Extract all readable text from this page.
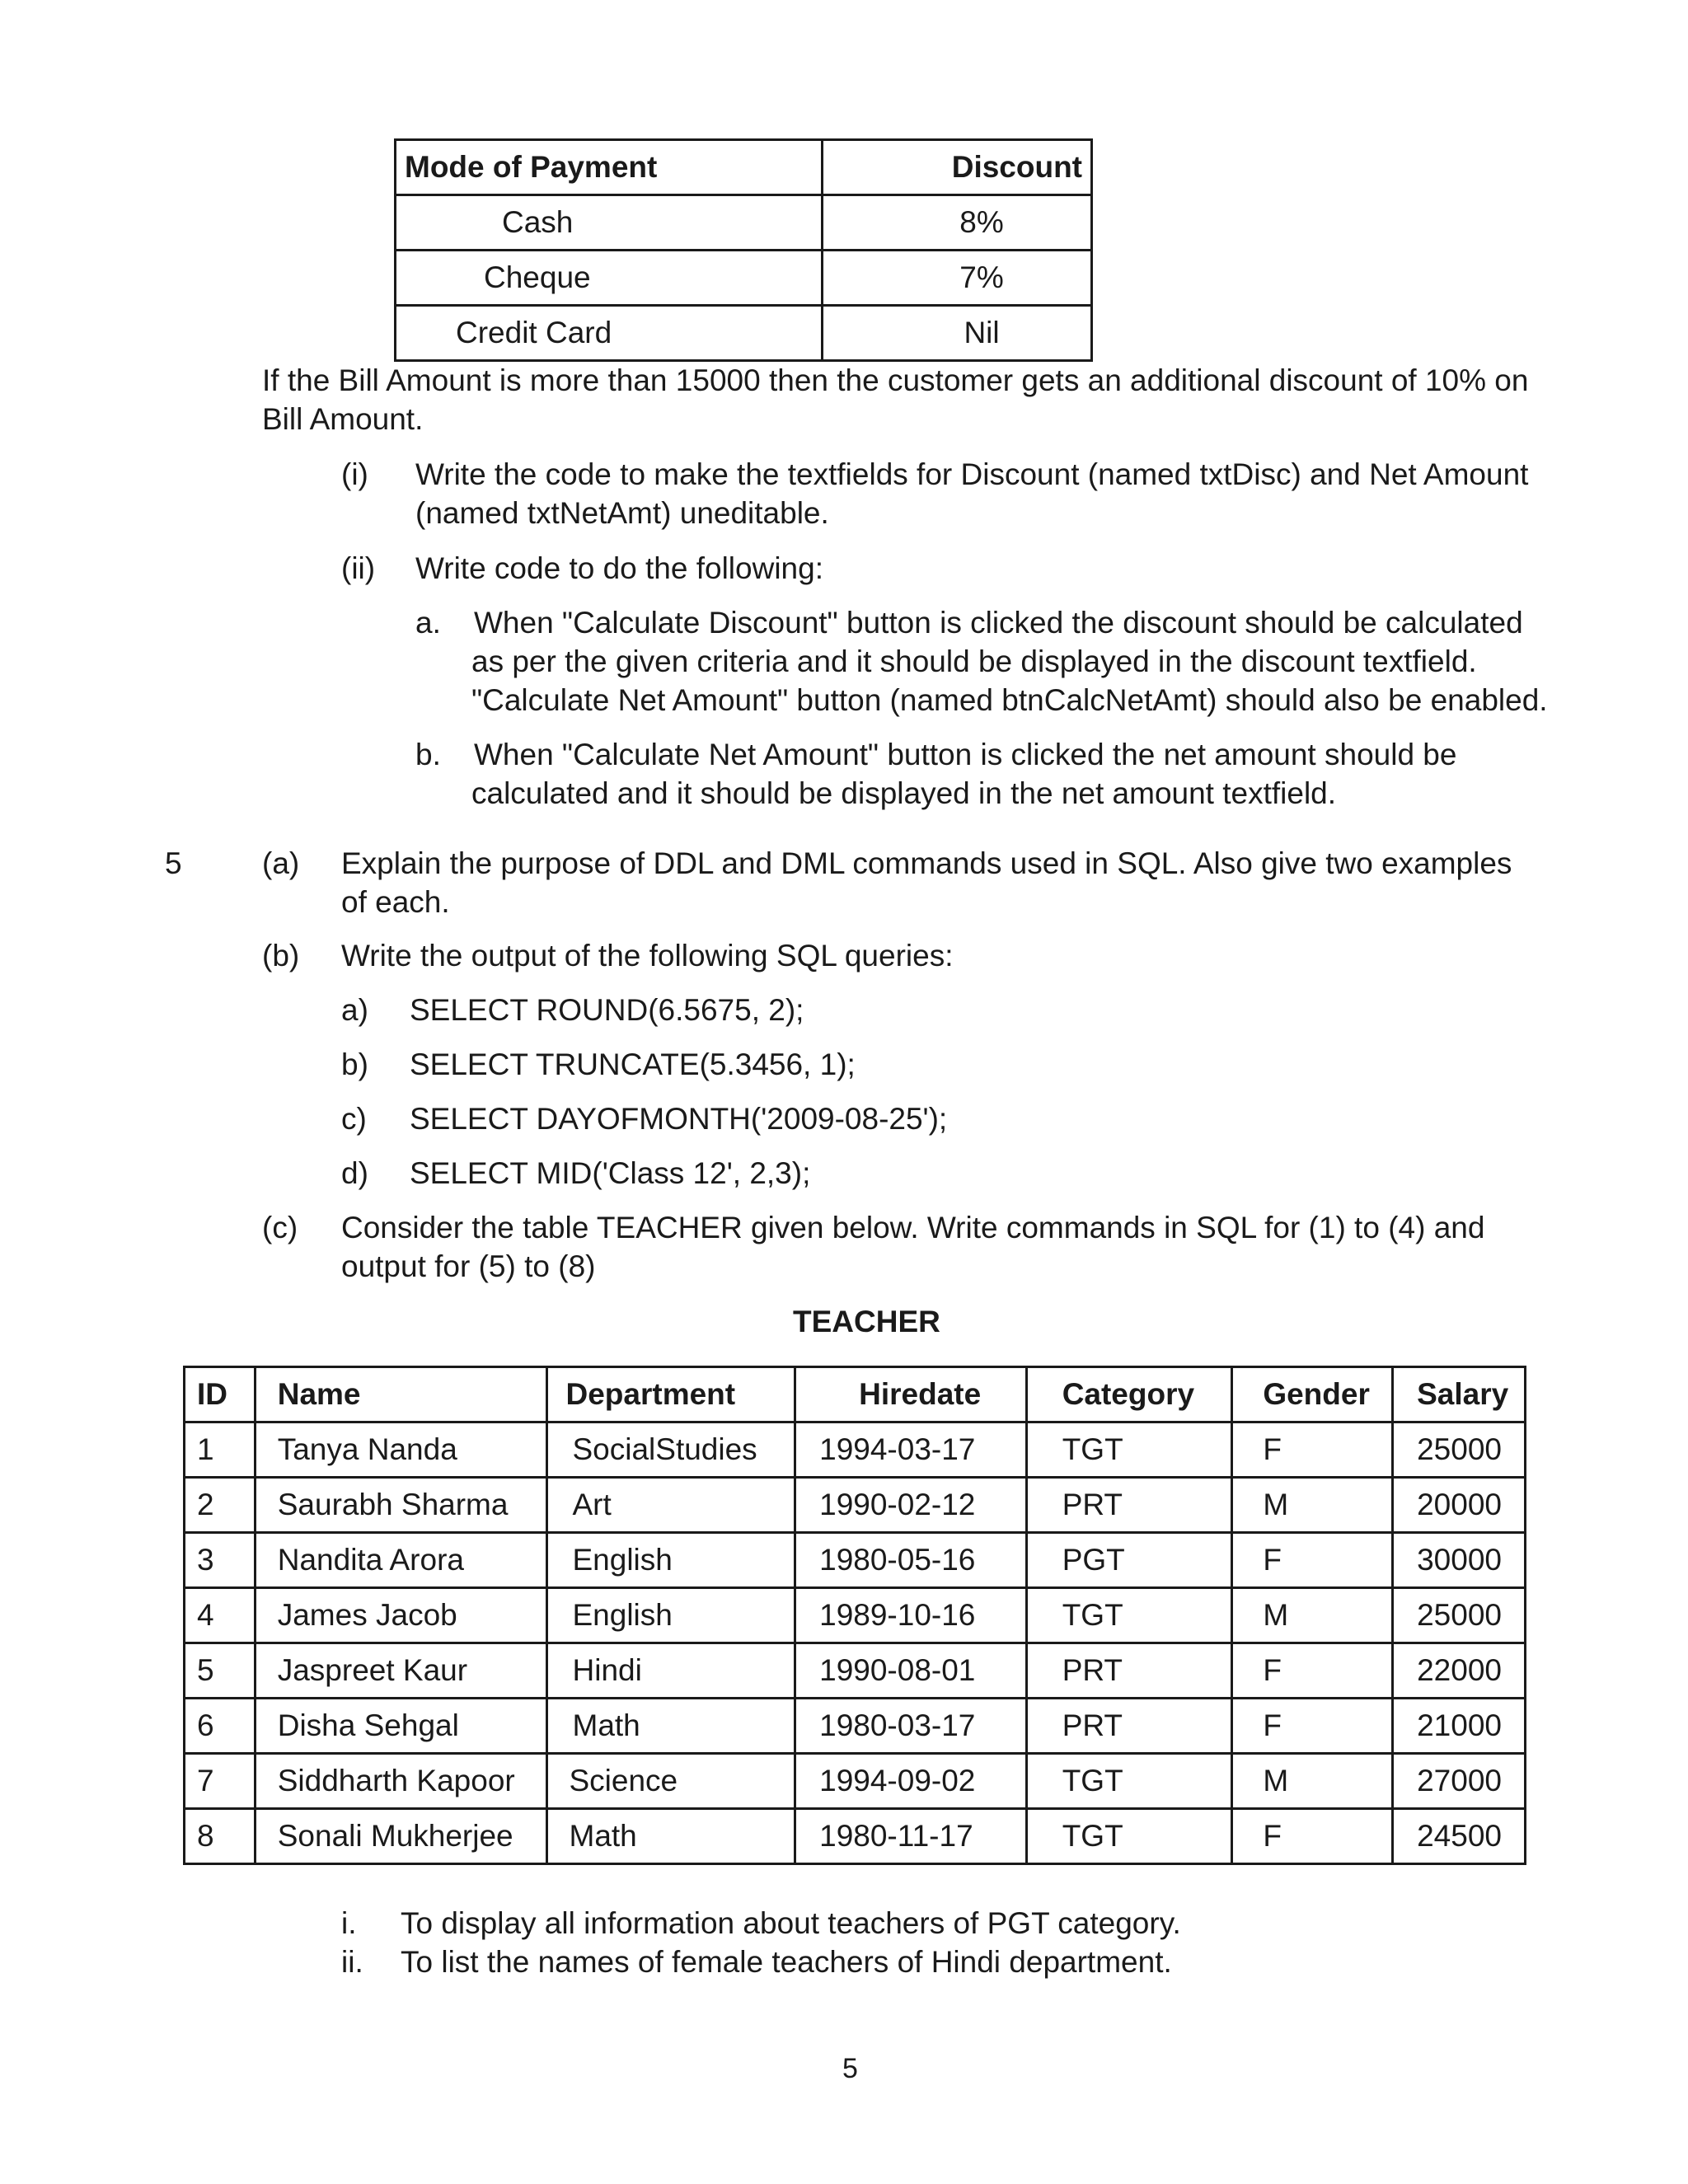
Mode of Payment	Discount
Cash	8%
Cheque	7%
Credit Card	Nil
If the Bill Amount is more than 15000 then the customer gets an additional discount of 10% on
Bill Amount.
(i) Write the code to make the textfields for Discount (named txtDisc) and Net Amount
(named txtNetAmt) uneditable.
(ii) Write code to do the following:
a. When "Calculate Discount" button is clicked the discount should be calculated
as per the given criteria and it should be displayed in the discount textfield.
"Calculate Net Amount" button (named btnCalcNetAmt) should also be enabled.
b. When "Calculate Net Amount" button is clicked the net amount should be
calculated and it should be displayed in the net amount textfield.
5	(a) Explain the purpose of DDL and DML commands used in SQL. Also give two examples
of each.
(b) Write the output of the following SQL queries:
a) SELECT ROUND(6.5675, 2);
b) SELECT TRUNCATE(5.3456, 1);
c) SELECT DAYOFMONTH('2009-08-25');
d) SELECT MID('Class 12', 2,3);
(c) Consider the table TEACHER given below. Write commands in SQL for (1) to (4) and
output for (5) to (8)
TEACHER
ID	Name	Department	Hiredate	Category	Gender	Salary
1	Tanya Nanda	SocialStudies	1994-03-17	TGT	F	25000
2	Saurabh Sharma	Art	1990-02-12	PRT	M	20000
3	Nandita Arora	English	1980-05-16	PGT	F	30000
4	James Jacob	English	1989-10-16	TGT	M	25000
5	Jaspreet Kaur	Hindi	1990-08-01	PRT	F	22000
6	Disha Sehgal	Math	1980-03-17	PRT	F	21000
7	Siddharth Kapoor	Science	1994-09-02	TGT	M	27000
8	Sonali Mukherjee	Math	1980-11-17	TGT	F	24500
i. To display all information about teachers of PGT category.
ii. To list the names of female teachers of Hindi department.
5
